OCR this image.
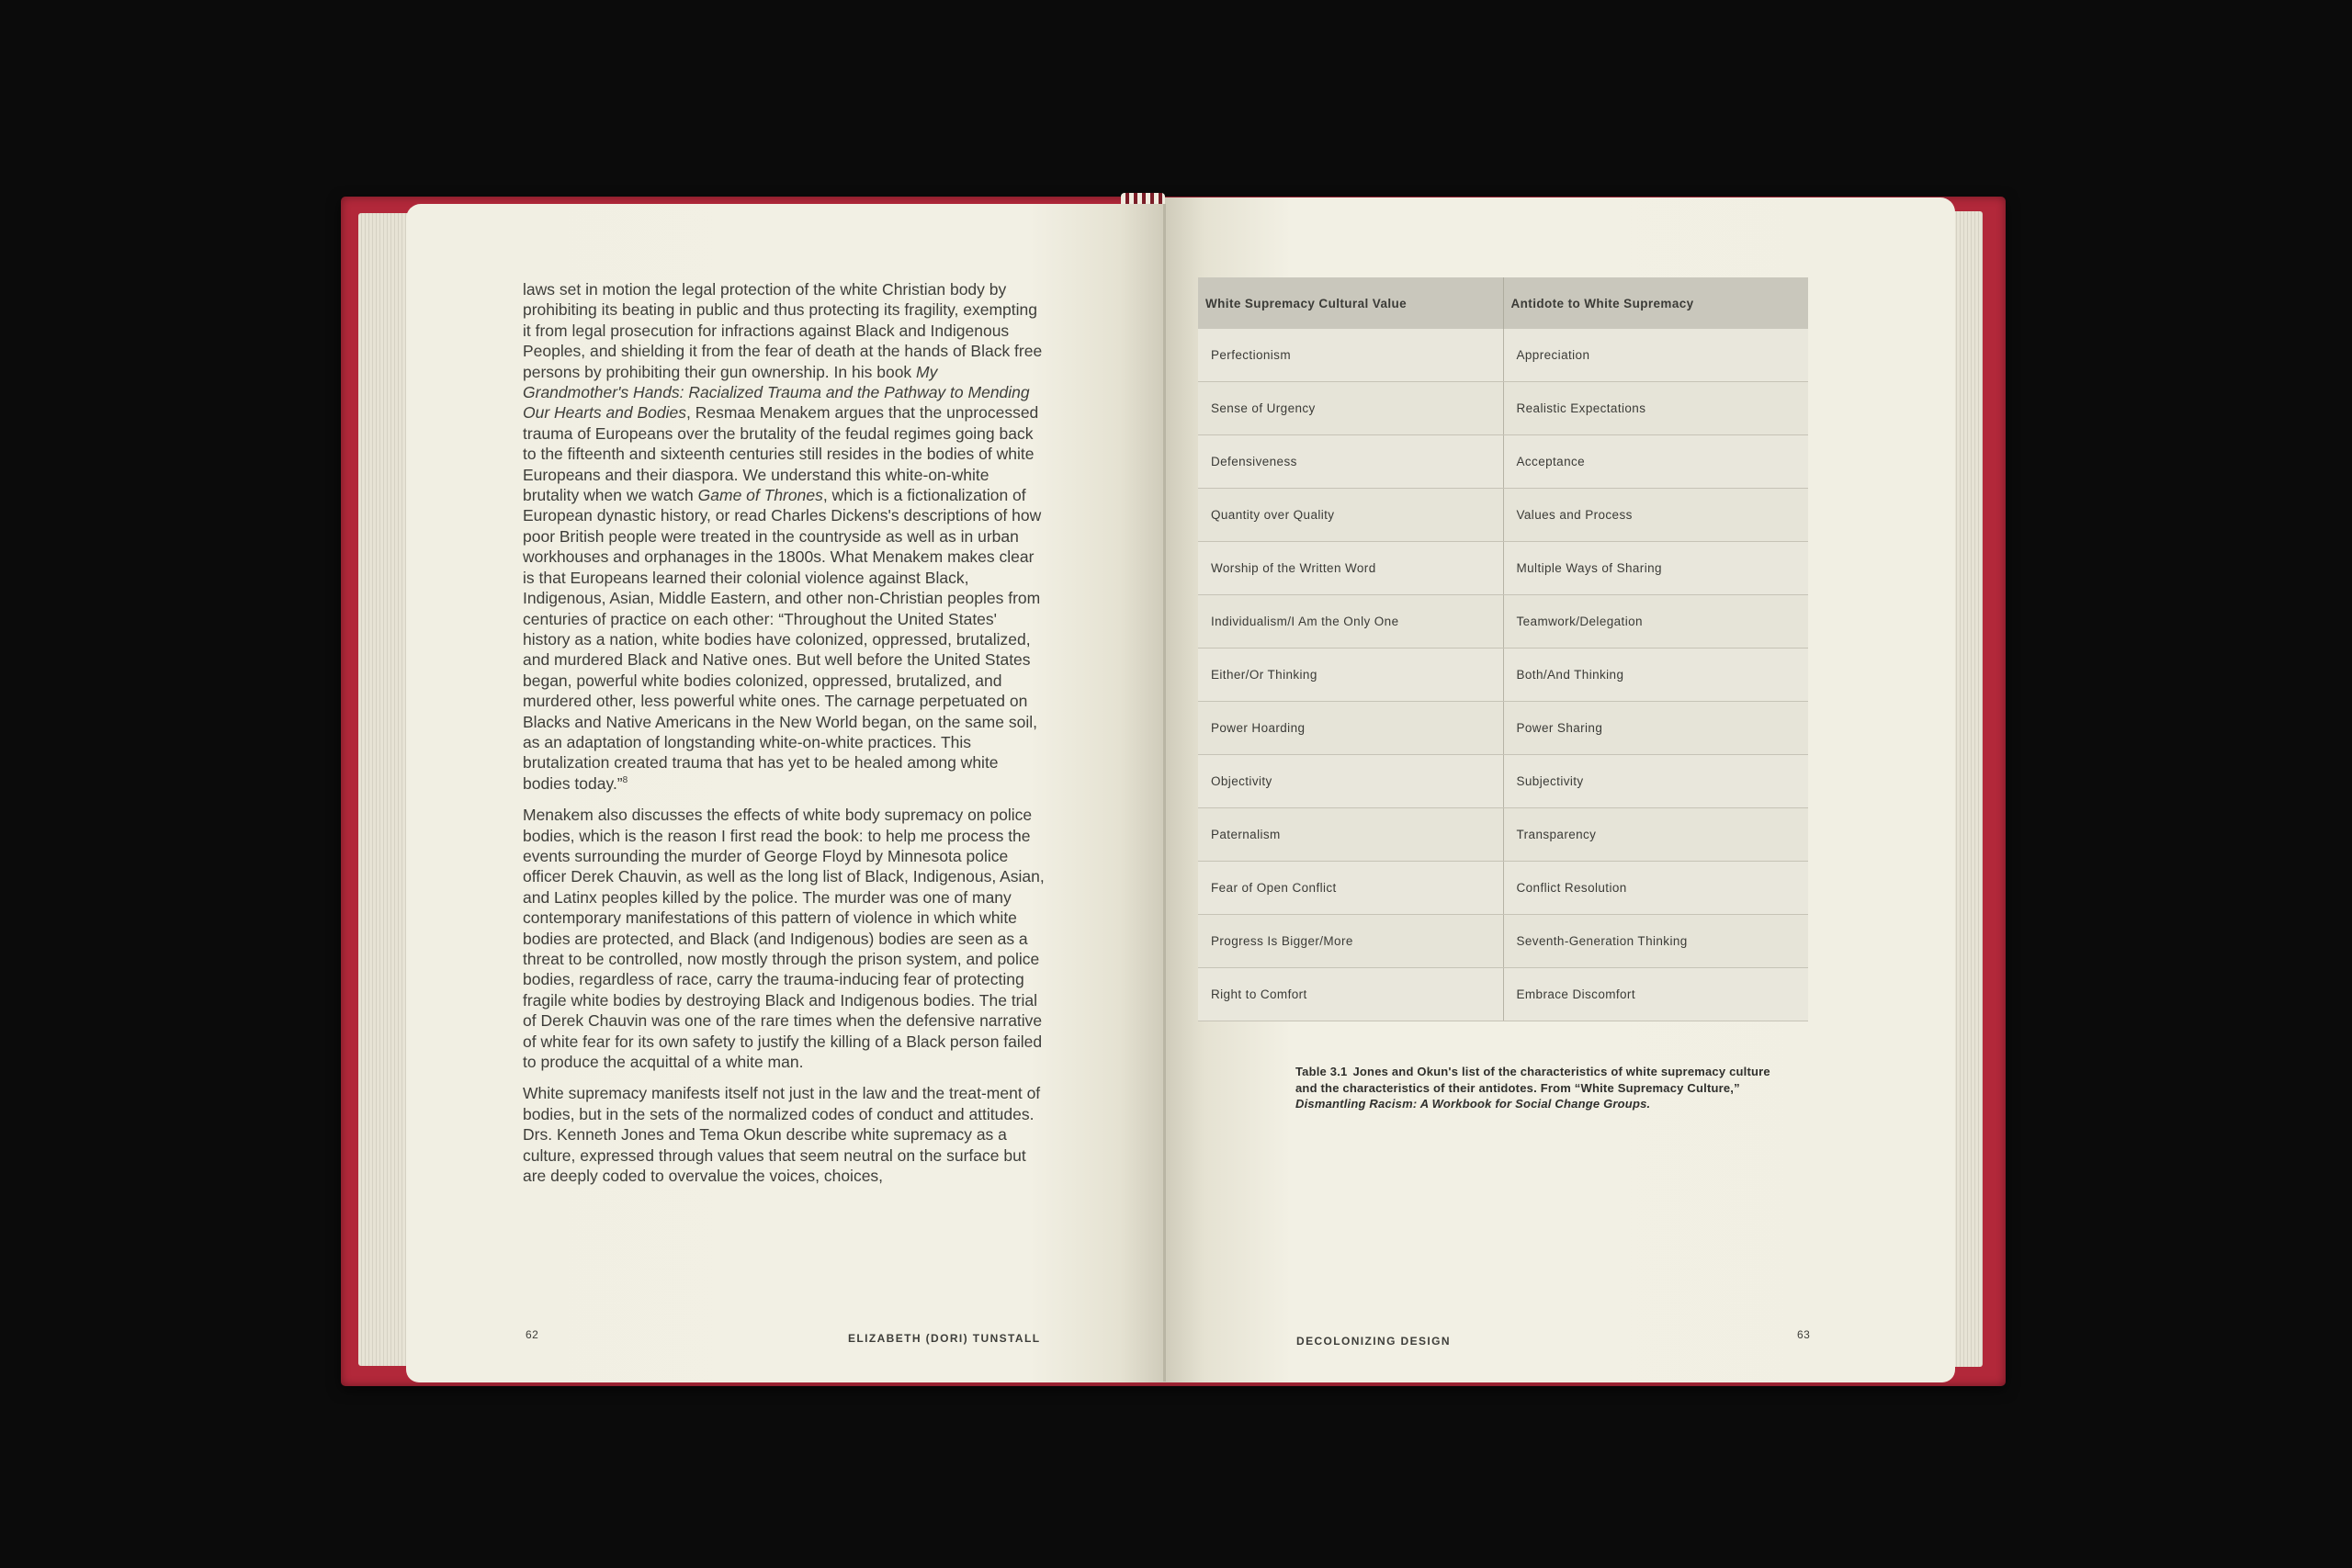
laws set in motion the legal protection of the white Christian body by prohibiting its beating in public and thus protecting its fragility, exempting it from legal prosecution for infractions against Black and Indigenous Peoples, and shielding it from the fear of death at the hands of Black free persons by prohibiting their gun ownership. In his book My Grandmother's Hands: Racialized Trauma and the Pathway to Mending Our Hearts and Bodies, Resmaa Menakem argues that the unprocessed trauma of Europeans over the brutality of the feudal regimes going back to the fifteenth and sixteenth centuries still resides in the bodies of white Europeans and their diaspora. We understand this white-on-white brutality when we watch Game of Thrones, which is a fictionalization of European dynastic history, or read Charles Dickens's descriptions of how poor British people were treated in the countryside as well as in urban workhouses and orphanages in the 1800s. What Menakem makes clear is that Europeans learned their colonial violence against Black, Indigenous, Asian, Middle Eastern, and other non-Christian peoples from centuries of practice on each other: “Throughout the United States' history as a nation, white bodies have colonized, oppressed, brutalized, and murdered Black and Native ones. But well before the United States began, powerful white bodies colonized, oppressed, brutalized, and murdered other, less powerful white ones. The carnage perpetuated on Blacks and Native Americans in the New World began, on the same soil, as an adaptation of longstanding white-on-white practices. This brutalization created trauma that has yet to be healed among white bodies today.”$^8$

Menakem also discusses the effects of white body supremacy on police bodies, which is the reason I first read the book: to help me process the events surrounding the murder of George Floyd by Minnesota police officer Derek Chauvin, as well as the long list of Black, Indigenous, Asian, and Latinx peoples killed by the police. The murder was one of many contemporary manifestations of this pattern of violence in which white bodies are protected, and Black (and Indigenous) bodies are seen as a threat to be controlled, now mostly through the prison system, and police bodies, regardless of race, carry the trauma-inducing fear of protecting fragile white bodies by destroying Black and Indigenous bodies. The trial of Derek Chauvin was one of the rare times when the defensive narrative of white fear for its own safety to justify the killing of a Black person failed to produce the acquittal of a white man.

White supremacy manifests itself not just in the law and the treat-ment of bodies, but in the sets of the normalized codes of conduct and attitudes. Drs. Kenneth Jones and Tema Okun describe white supremacy as a culture, expressed through values that seem neutral on the surface but are deeply coded to overvalue the voices, choices,

62	ELIZABETH (DORI) TUNSTALL
White Supremacy Cultural Value	Antidote to White Supremacy
Perfectionism	Appreciation
Sense of Urgency	Realistic Expectations
Defensiveness	Acceptance
Quantity over Quality	Values and Process
Worship of the Written Word	Multiple Ways of Sharing
Individualism/I Am the Only One	Teamwork/Delegation
Either/Or Thinking	Both/And Thinking
Power Hoarding	Power Sharing
Objectivity	Subjectivity
Paternalism	Transparency
Fear of Open Conflict	Conflict Resolution
Progress Is Bigger/More	Seventh-Generation Thinking
Right to Comfort	Embrace Discomfort
Table 3.1 Jones and Okun's list of the characteristics of white supremacy culture and the characteristics of their antidotes. From “White Supremacy Culture,” Dismantling Racism: A Workbook for Social Change Groups.
DECOLONIZING DESIGN	63
